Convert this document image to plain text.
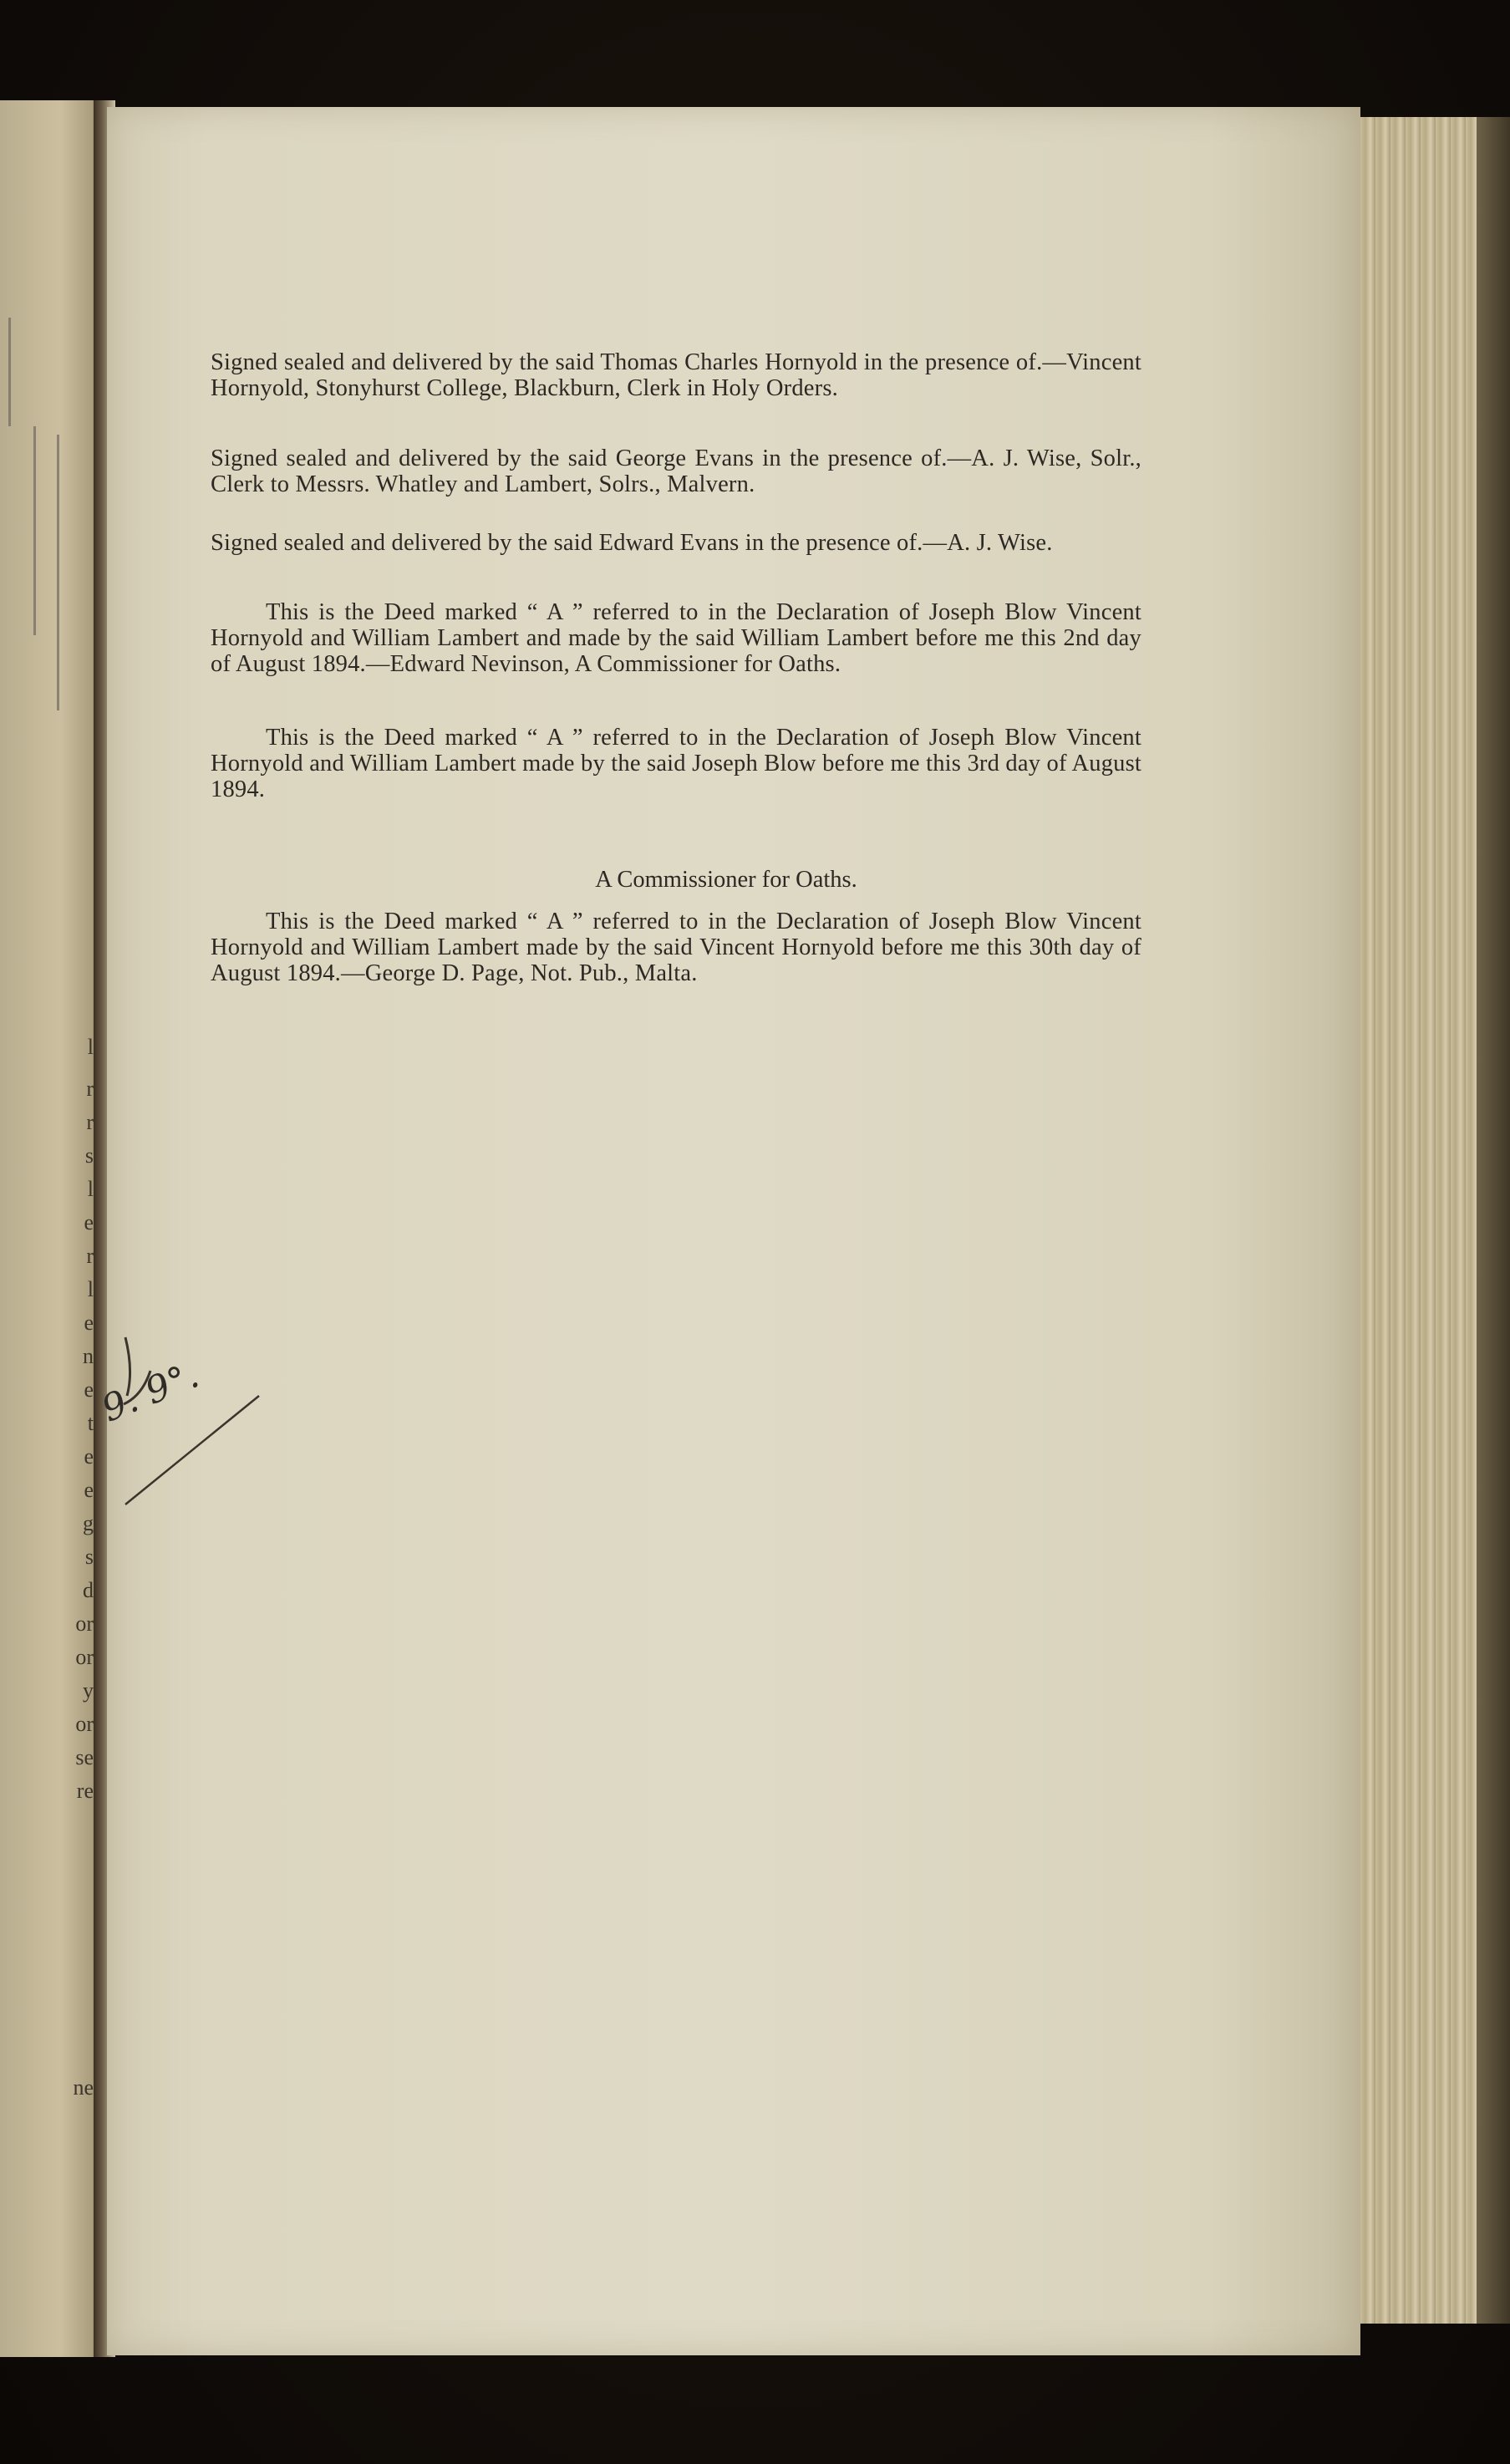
l
r
r
s
l
e
r
l
e
n
e
t
e
e
g
s
d
or
or
y
or
se
re
ne

Signed sealed and delivered by the said Thomas Charles Hornyold in the presence of.—Vincent Hornyold, Stonyhurst College, Blackburn, Clerk in Holy Orders.

Signed sealed and delivered by the said George Evans in the presence of.—A. J. Wise, Solr., Clerk to Messrs. Whatley and Lambert, Solrs., Malvern.

Signed sealed and delivered by the said Edward Evans in the presence of.—A. J. Wise.

This is the Deed marked “ A ” referred to in the Declaration of Joseph Blow Vincent Hornyold and William Lambert and made by the said William Lambert before me this 2nd day of August 1894.—Edward Nevinson, A Commissioner for Oaths.

This is the Deed marked “ A ” referred to in the Declaration of Joseph Blow Vincent Hornyold and William Lambert made by the said Joseph Blow before me this 3rd day of August 1894.

A Commissioner for Oaths.

This is the Deed marked “ A ” referred to in the Declaration of Joseph Blow Vincent Hornyold and William Lambert made by the said Vincent Hornyold before me this 30th day of August 1894.—George D. Page, Not. Pub., Malta.

9. 9°.
